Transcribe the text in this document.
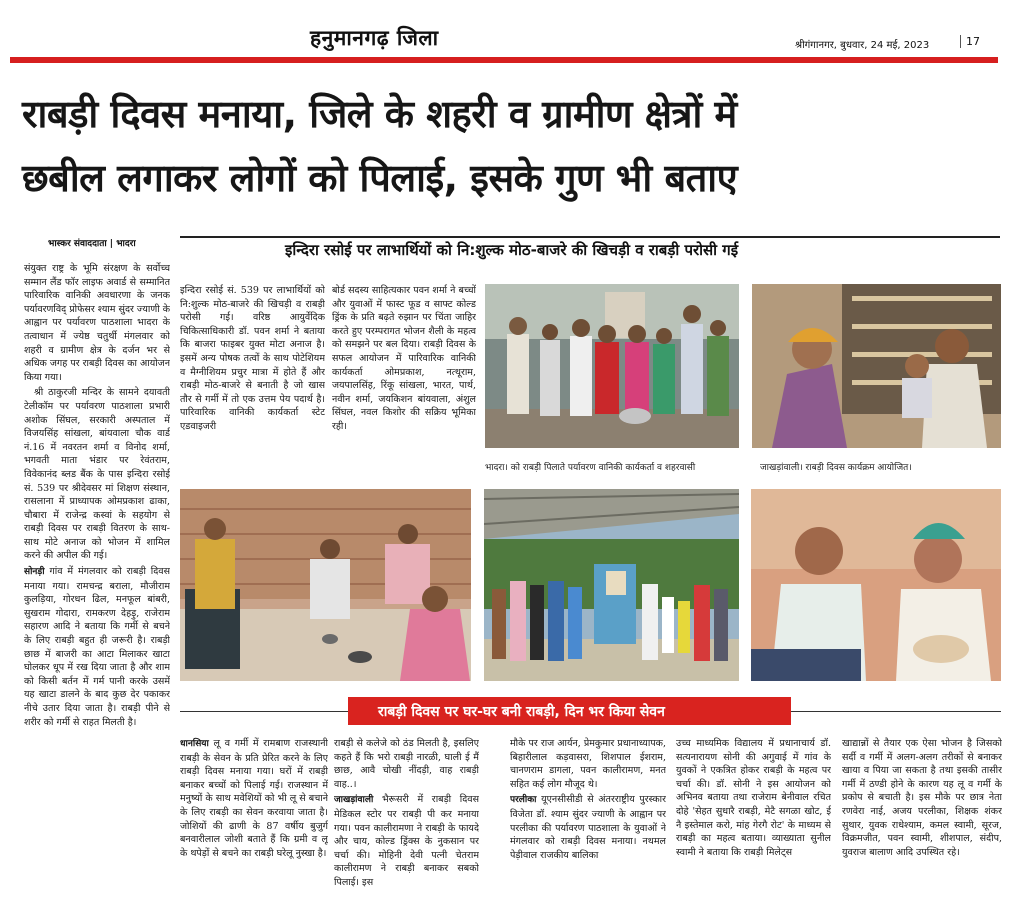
हनुमानगढ़ जिला	श्रीगंगानगर, बुधवार, 24 मई, 2023	17
राबड़ी दिवस मनाया, जिले के शहरी व ग्रामीण क्षेत्रों में
छबील लगाकर लोगों को पिलाई, इसके गुण भी बताए
भास्कर संवाददाता | भादरा	इन्दिरा रसोई पर लाभार्थियों को नि:शुल्क मोठ-बाजरे की खिचड़ी व राबड़ी परोसी गई

संयुक्त राष्ट्र के भूमि संरक्षण के सर्वोच्च सम्मान लैंड फॉर लाइफ अवार्ड से सम्मानित पारिवारिक वानिकी अवधारणा के जनक पर्यावरणविद् प्रोफेसर श्याम सुंदर ज्याणी के आह्वान पर पर्यावरण पाठशाला भादरा के तत्वाधान में ज्येष्ठ चतुर्थी मंगलवार को शहरी व ग्रामीण क्षेत्र के दर्जन भर से अधिक जगह पर राबड़ी दिवस का आयोजन किया गया।

श्री ठाकुरजी मन्दिर के सामने दयावती टेलीकॉम पर पर्यावरण पाठशाला प्रभारी अशोक सिंघल, सरकारी अस्पताल में विजयसिंह सांखला, बांयवाला चौक वार्ड नं.16 में नवरतन शर्मा व विनोद शर्मा, भगवती माता भंडार पर रेवंतराम, विवेकानंद ब्लड बैंक के पास इन्दिरा रसोई सं. 539 पर श्रीदेवसर मां शिक्षण संस्थान, रासलाना में प्राध्यापक ओमप्रकाश ढाका, चौबारा में राजेन्द्र कस्वां के सहयोग से राबड़ी दिवस पर राबड़ी वितरण के साथ-साथ मोटे अनाज को भोजन में शामिल करने की अपील की गई।

सोनड़ी गांव में मंगलवार को राबड़ी दिवस मनाया गया। रामचन्द्र बराला, मौजीराम कुलड़िया, गोरधन ढिल, मनफूल बांबरी, सुखराम गोदारा, रामकरण देहड़ु, राजेराम सहारण आदि ने बताया कि गर्मी से बचने के लिए राबड़ी बहुत ही जरूरी है। राबड़ी छाछ में बाजरी का आटा मिलाकर खाटा घोलकर धूप में रख दिया जाता है और शाम को किसी बर्तन में गर्म पानी करके उसमें यह खाटा डालने के बाद कुछ देर पकाकर नीचे उतार दिया जाता है। राबड़ी पीने से शरीर को गर्मी से राहत मिलती है।

इन्दिरा रसोई सं. 539 पर लाभार्थियों को नि:शुल्क मोठ-बाजरे की खिचड़ी व राबड़ी परोसी गई। वरिष्ठ आयुर्वेदिक चिकित्साधिकारी डॉ. पवन शर्मा ने बताया कि बाजरा फाइबर युक्त मोटा अनाज है। इसमें अन्य पोषक तत्वों के साथ पोटेशियम व मैग्नीशियम प्रचुर मात्रा में होते हैं और राबड़ी मोठ-बाजरे से बनाती है जो खास तौर से गर्मी में तो एक उत्तम पेय पदार्थ है। पारिवारिक वानिकी कार्यकर्ता स्टेट एडवाइजरी
बोर्ड सदस्य साहित्यकार पवन शर्मा ने बच्चों और युवाओं में फास्ट फूड व साफ्ट कोल्ड ड्रिंक के प्रति बढ़ते रुझान पर चिंता जाहिर करते हुए परम्परागत भोजन शैली के महत्व को समझने पर बल दिया। राबड़ी दिवस के सफल आयोजन में पारिवारिक वानिकी कार्यकर्ता ओमप्रकाश, नत्थूराम, जयपालसिंह, रिंकू सांखला, भारत, पार्थ, नवीन शर्मा, जयकिशन बांयवाला, अंशुल सिंघल, नवल किशोर की सक्रिय भूमिका रही।
भादरा। को राबड़ी पिलाते पर्यावरण वानिकी कार्यकर्ता व शहरवासी	जाखड़ांवाली। राबड़ी दिवस कार्यक्रम आयोजित।
राबड़ी दिवस पर घर-घर बनी राबड़ी, दिन भर किया सेवन
धानसिया लू व गर्मी में रामबाण राजस्थानी राबड़ी के सेवन के प्रति प्रेरित करने के लिए राबड़ी दिवस मनाया गया। घरों में राबड़ी बनाकर बच्चों को पिलाई गई। राजस्थान में मनुष्यों के साथ मवेशियों को भी लू से बचाने के लिए राबड़ी का सेवन करवाया जाता है। जोशियों की ढाणी के 87 वर्षीय बुजुर्ग बनवारीलाल जोशी बताते हैं कि ग्रमी व लू के थपेड़ों से बचने का राबड़ी घरेलू नुस्खा है।

राबड़ी से कलेजे को ठंड मिलती है, इसलिए कहते हैं कि भरो राबड़ी नारळी, घाली ई मैं छाछ, आवै चोखी नींदड़ी, वाह राबड़ी वाह..।

जाखड़ांवाली भैरूसरी में राबड़ी दिवस मेडिकल स्टोर पर राबड़ी पी कर मनाया गया। पवन कालीरामणा ने राबड़ी के फायदे और चाय, कोल्ड ड्रिंक्स के नुकसान पर चर्चा की। मोहिनी देवी पत्नी चेतराम कालीरामण ने राबड़ी बनाकर सबको पिलाई। इस

मौके पर राज आर्यन, प्रेमकुमार प्रधानाध्यापक, बिहारीलाल कड़वासरा, शिशपाल ईशराम, चानणराम डागला, पवन कालीरामण, मनत सहित कई लोग मौजूद थे।

परलीका यूएनसीसीडी से अंतरराष्ट्रीय पुरस्कार विजेता डॉ. श्याम सुंदर ज्याणी के आह्वान पर परलीका की पर्यावरण पाठशाला के युवाओं ने मंगलवार को राबड़ी दिवस मनाया। नथमल पेड़ीवाल राजकीय बालिका

उच्च माध्यमिक विद्यालय में प्रधानाचार्य डॉ. सत्यनारायण सोनी की अगुवाई में गांव के युवकों ने एकत्रित होकर राबड़ी के महत्व पर चर्चा की। डॉ. सोनी ने इस आयोजन को अभिनव बताया तथा राजेराम बेनीवाल रचित दोहे 'सेहत सुधारै राबड़ी, मेटै सगळा खोट, ई नै इस्तेमाल करो, मांह गेरगै रोट' के माध्यम से राबड़ी का महत्व बताया। व्याख्याता सुनील स्वामी ने बताया कि राबड़ी मिलेट्स
खाद्यान्नों से तैयार एक ऐसा भोजन है जिसको सर्दी व गर्मी में अलग-अलग तरीकों से बनाकर खाया व पिया जा सकता है तथा इसकी तासीर गर्मी में ठण्डी होने के कारण यह लू व गर्मी के प्रकोप से बचाती है। इस मौके पर छात्र नेता रणवेरा नाई, अजय परलीका, शिक्षक शंकर सुथार, युवक राधेश्याम, कमल स्वामी, सूरज, विक्रमजीत, पवन स्वामी, शीशपाल, संदीप, युवराज बालाण आदि उपस्थित रहे।
